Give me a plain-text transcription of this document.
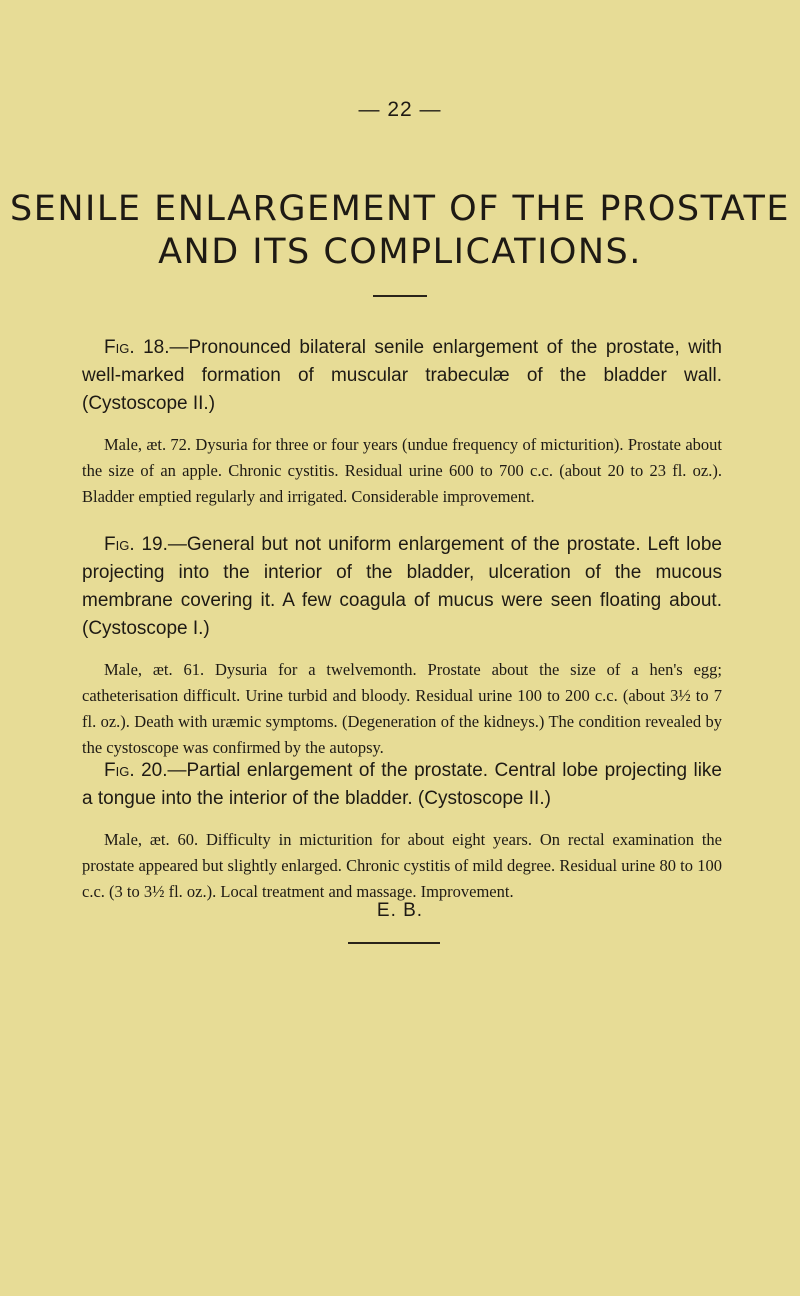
— 22 —
SENILE ENLARGEMENT OF THE PROSTATE
AND ITS COMPLICATIONS.

Fig. 18.—Pronounced bilateral senile enlargement of the prostate, with well-marked formation of muscular trabeculæ of the bladder wall. (Cystoscope II.)

Male, æt. 72. Dysuria for three or four years (undue frequency of micturition). Prostate about the size of an apple. Chronic cystitis. Residual urine 600 to 700 c.c. (about 20 to 23 fl. oz.). Bladder emptied regularly and irrigated. Considerable improvement.

Fig. 19.—General but not uniform enlargement of the prostate. Left lobe projecting into the interior of the bladder, ulceration of the mucous membrane covering it. A few coagula of mucus were seen floating about. (Cystoscope I.)

Male, æt. 61. Dysuria for a twelvemonth. Prostate about the size of a hen's egg; catheterisation difficult. Urine turbid and bloody. Residual urine 100 to 200 c.c. (about 3½ to 7 fl. oz.). Death with uræmic symptoms. (Degeneration of the kidneys.) The condition revealed by the cystoscope was confirmed by the autopsy.

Fig. 20.—Partial enlargement of the prostate. Central lobe projecting like a tongue into the interior of the bladder. (Cystoscope II.)

Male, æt. 60. Difficulty in micturition for about eight years. On rectal examination the prostate appeared but slightly enlarged. Chronic cystitis of mild degree. Residual urine 80 to 100 c.c. (3 to 3½ fl. oz.). Local treatment and massage. Improvement.

E. B.
